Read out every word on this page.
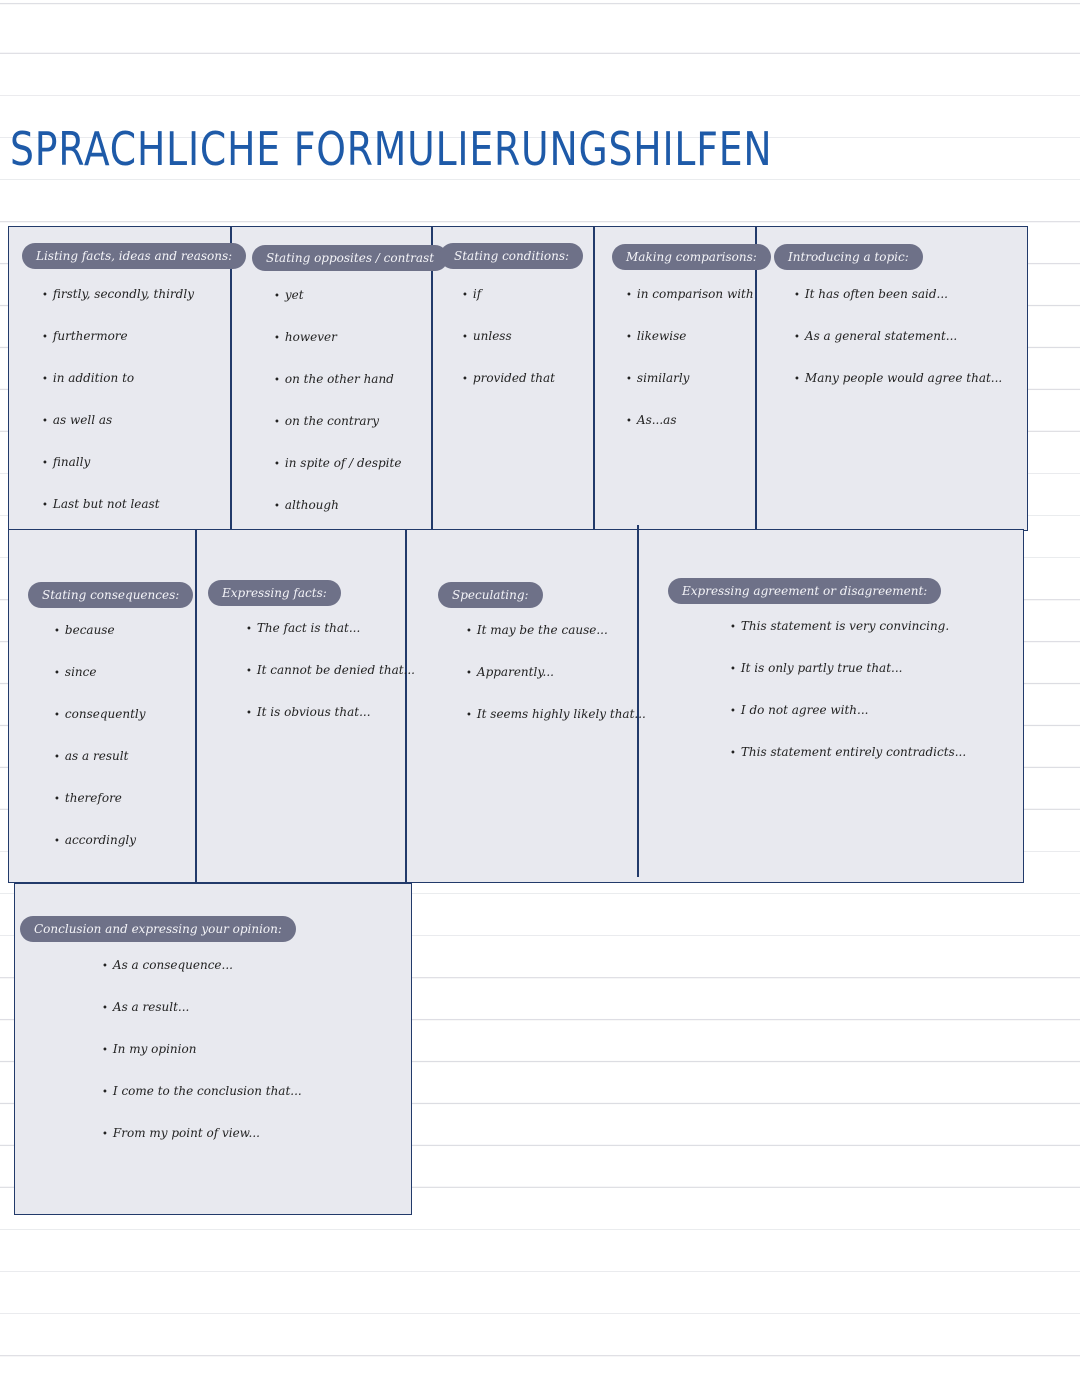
SPRACHLICHE FORMULIERUNGSHILFEN
Listing facts, ideas and reasons:
• firstly, secondly, thirdly
• furthermore
• in addition to
• as well as
• finally
• Last but not least
Stating opposites / contrast
• yet
• however
• on the other hand
• on the contrary
• in spite of / despite
• although
Stating conditions:
• if
• unless
• provided that
Making comparisons:
• in comparison with
• likewise
• similarly
• As...as
Introducing a topic:
• It has often been said...
• As a general statement...
• Many people would agree that...
Stating consequences:
• because
• since
• consequently
• as a result
• therefore
• accordingly
Expressing facts:
• The fact is that...
• It cannot be denied that...
• It is obvious that...
Speculating:
• It may be the cause...
• Apparently...
• It seems highly likely that...
Expressing agreement or disagreement:
• This statement is very convincing.
• It is only partly true that...
• I do not agree with...
• This statement entirely contradicts...
Conclusion and expressing your opinion:
• As a consequence...
• As a result...
• In my opinion
• I come to the conclusion that...
• From my point of view...
